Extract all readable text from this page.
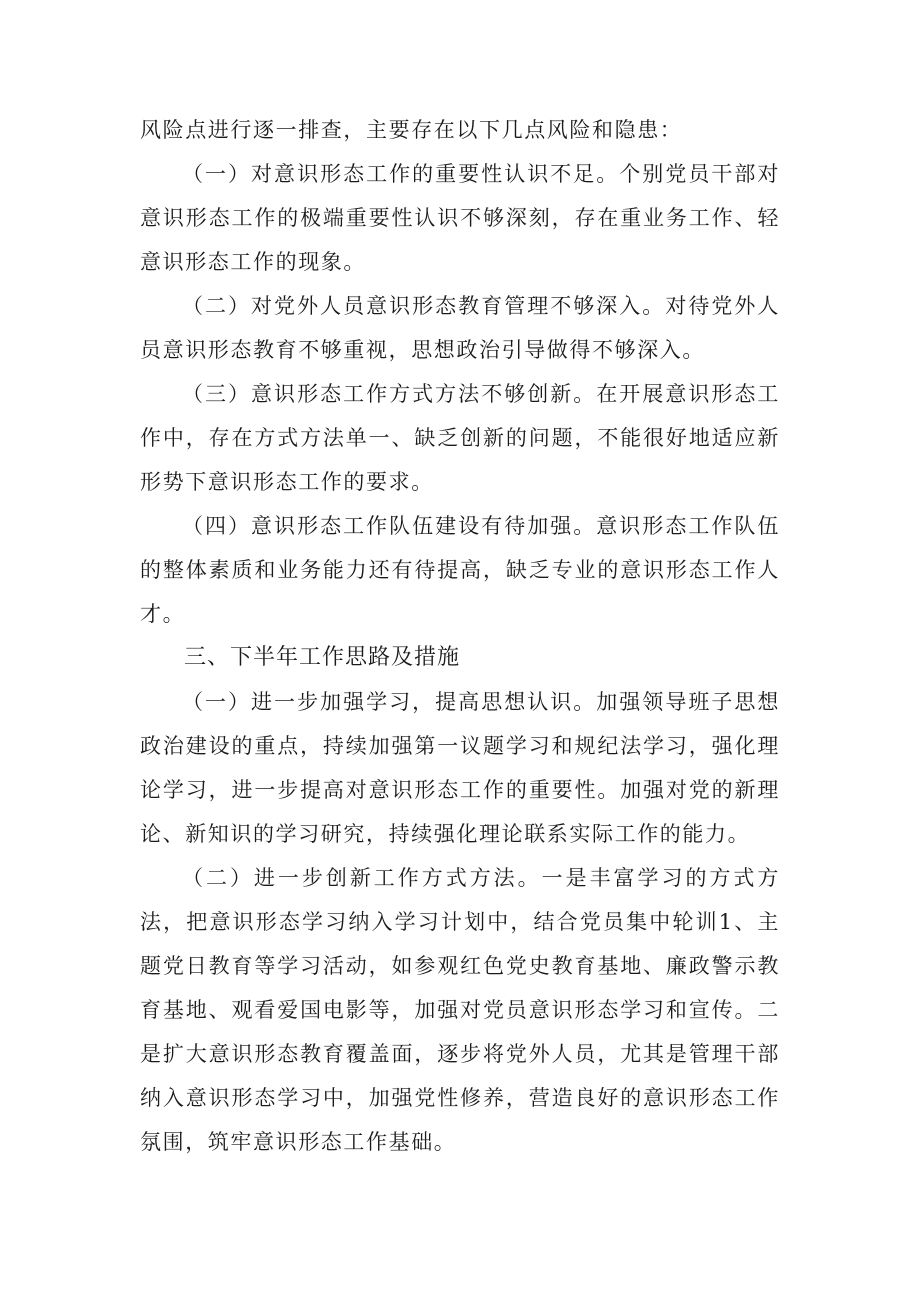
风险点进行逐一排查，主要存在以下几点风险和隐患：

（一）对意识形态工作的重要性认识不足。个别党员干部对意识形态工作的极端重要性认识不够深刻，存在重业务工作、轻意识形态工作的现象。

（二）对党外人员意识形态教育管理不够深入。对待党外人员意识形态教育不够重视，思想政治引导做得不够深入。

（三）意识形态工作方式方法不够创新。在开展意识形态工作中，存在方式方法单一、缺乏创新的问题，不能很好地适应新形势下意识形态工作的要求。

（四）意识形态工作队伍建设有待加强。意识形态工作队伍的整体素质和业务能力还有待提高，缺乏专业的意识形态工作人才。

三、下半年工作思路及措施

（一）进一步加强学习，提高思想认识。加强领导班子思想政治建设的重点，持续加强第一议题学习和规纪法学习，强化理论学习，进一步提高对意识形态工作的重要性。加强对党的新理论、新知识的学习研究，持续强化理论联系实际工作的能力。

（二）进一步创新工作方式方法。一是丰富学习的方式方法，把意识形态学习纳入学习计划中，结合党员集中轮训1、主题党日教育等学习活动，如参观红色党史教育基地、廉政警示教育基地、观看爱国电影等，加强对党员意识形态学习和宣传。二是扩大意识形态教育覆盖面，逐步将党外人员，尤其是管理干部纳入意识形态学习中，加强党性修养，营造良好的意识形态工作氛围，筑牢意识形态工作基础。
